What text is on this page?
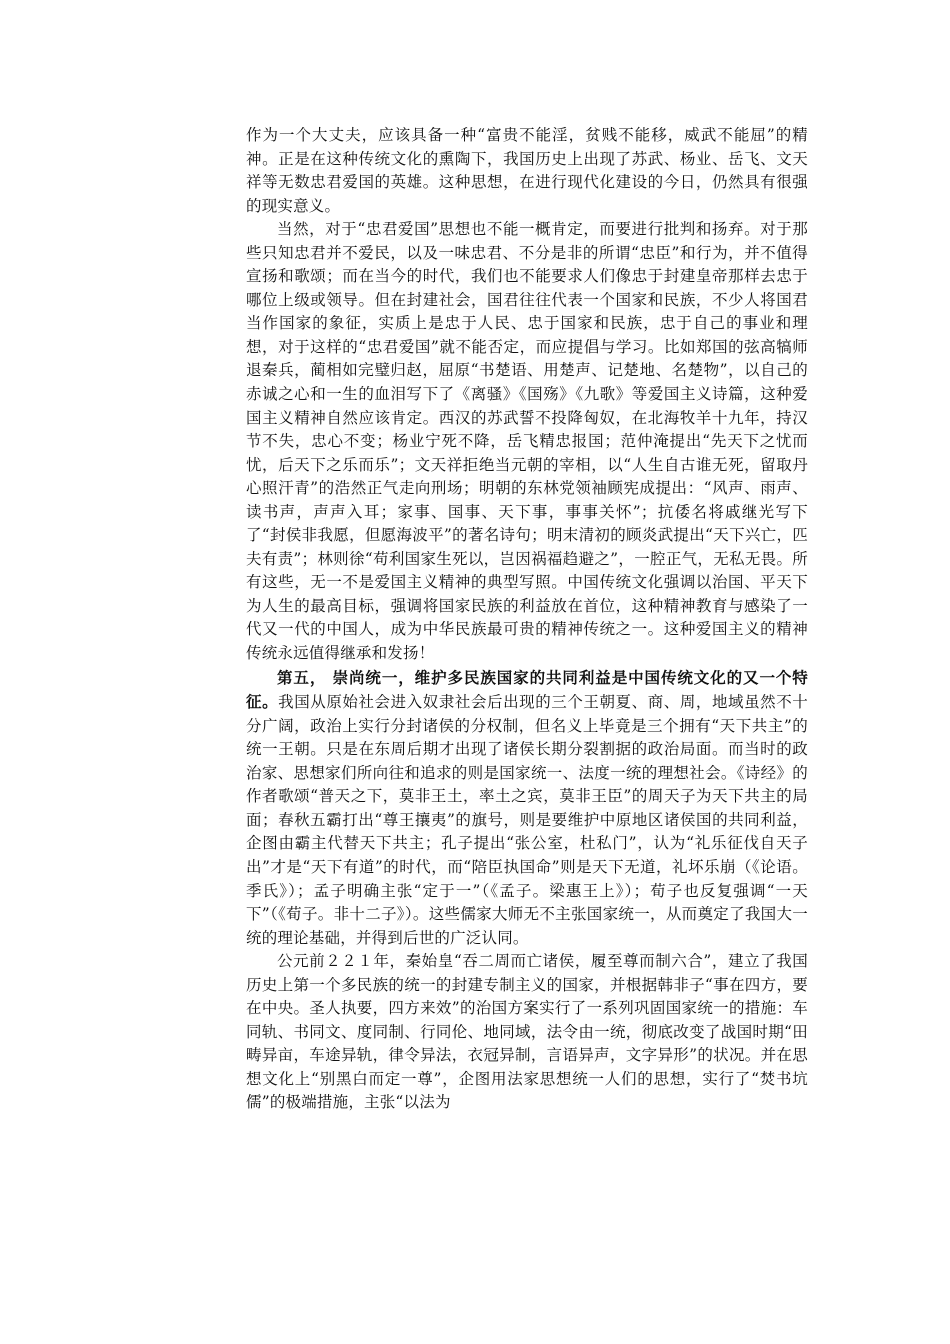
作为一个大丈夫，应该具备一种“富贵不能淫，贫贱不能移，威武不能屈”的精神。正是在这种传统文化的熏陶下，我国历史上出现了苏武、杨业、岳飞、文天祥等无数忠君爱国的英雄。这种思想，在进行现代化建设的今日，仍然具有很强的现实意义。

当然，对于“忠君爱国”思想也不能一概肯定，而要进行批判和扬弃。对于那些只知忠君并不爱民，以及一味忠君、不分是非的所谓“忠臣”和行为，并不值得宣扬和歌颂；而在当今的时代，我们也不能要求人们像忠于封建皇帝那样去忠于哪位上级或领导。但在封建社会，国君往往代表一个国家和民族，不少人将国君当作国家的象征，实质上是忠于人民、忠于国家和民族，忠于自己的事业和理想，对于这样的“忠君爱国”就不能否定，而应提倡与学习。比如郑国的弦高犒师退秦兵，蔺相如完璧归赵，屈原“书楚语、用楚声、记楚地、名楚物”，以自己的赤诚之心和一生的血泪写下了《离骚》《国殇》《九歌》等爱国主义诗篇，这种爱国主义精神自然应该肯定。西汉的苏武誓不投降匈奴，在北海牧羊十九年，持汉节不失，忠心不变；杨业宁死不降，岳飞精忠报国；范仲淹提出“先天下之忧而忧，后天下之乐而乐”；文天祥拒绝当元朝的宰相，以“人生自古谁无死，留取丹心照汗青”的浩然正气走向刑场；明朝的东林党领袖顾宪成提出：“风声、雨声、读书声，声声入耳；家事、国事、天下事，事事关怀”；抗倭名将戚继光写下了“封侯非我愿，但愿海波平”的著名诗句；明末清初的顾炎武提出“天下兴亡，匹夫有责”；林则徐“苟利国家生死以，岂因祸福趋避之”，一腔正气，无私无畏。所有这些，无一不是爱国主义精神的典型写照。中国传统文化强调以治国、平天下为人生的最高目标，强调将国家民族的利益放在首位，这种精神教育与感染了一代又一代的中国人，成为中华民族最可贵的精神传统之一。这种爱国主义的精神传统永远值得继承和发扬！

第五， 崇尚统一，维护多民族国家的共同利益是中国传统文化的又一个特征。我国从原始社会进入奴隶社会后出现的三个王朝夏、商、周，地域虽然不十分广阔，政治上实行分封诸侯的分权制，但名义上毕竟是三个拥有“天下共主”的统一王朝。只是在东周后期才出现了诸侯长期分裂割据的政治局面。而当时的政治家、思想家们所向往和追求的则是国家统一、法度一统的理想社会。《诗经》的作者歌颂“普天之下，莫非王土，率土之宾，莫非王臣”的周天子为天下共主的局面；春秋五霸打出“尊王攘夷”的旗号，则是要维护中原地区诸侯国的共同利益，企图由霸主代替天下共主；孔子提出“张公室，杜私门”，认为“礼乐征伐自天子出”才是“天下有道”的时代，而“陪臣执国命”则是天下无道，礼坏乐崩（《论语。季氏》）；孟子明确主张“定于一”（《孟子。梁惠王上》）；荀子也反复强调“一天下”（《荀子。非十二子》）。这些儒家大师无不主张国家统一，从而奠定了我国大一统的理论基础，并得到后世的广泛认同。

公元前２２１年，秦始皇“吞二周而亡诸侯，履至尊而制六合”，建立了我国历史上第一个多民族的统一的封建专制主义的国家，并根据韩非子“事在四方，要在中央。圣人执要，四方来效”的治国方案实行了一系列巩固国家统一的措施：车同轨、书同文、度同制、行同伦、地同域，法令由一统，彻底改变了战国时期“田畴异亩，车途异轨，律令异法，衣冠异制，言语异声，文字异形”的状况。并在思想文化上“别黑白而定一尊”，企图用法家思想统一人们的思想，实行了“焚书坑儒”的极端措施，主张“以法为
